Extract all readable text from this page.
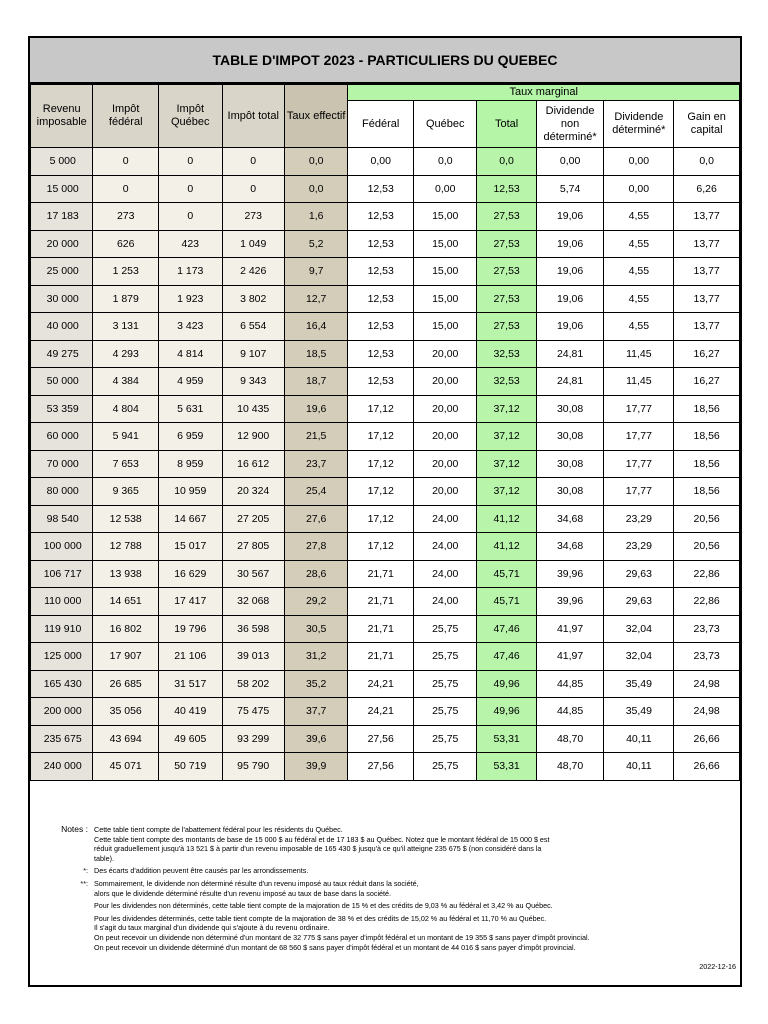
TABLE D'IMPOT 2023 - PARTICULIERS DU QUEBEC
Revenu imposable	Impôt fédéral	Impôt Québec	Impôt total	Taux effectif	Taux marginal					
					Fédéral	Québec	Total	Dividende non déterminé*	Dividende déterminé*	Gain en capital
5 000	0	0	0	0,0	0,00	0,0	0,0	0,00	0,00	0,0
15 000	0	0	0	0,0	12,53	0,00	12,53	5,74	0,00	6,26
17 183	273	0	273	1,6	12,53	15,00	27,53	19,06	4,55	13,77
20 000	626	423	1 049	5,2	12,53	15,00	27,53	19,06	4,55	13,77
25 000	1 253	1 173	2 426	9,7	12,53	15,00	27,53	19,06	4,55	13,77
30 000	1 879	1 923	3 802	12,7	12,53	15,00	27,53	19,06	4,55	13,77
40 000	3 131	3 423	6 554	16,4	12,53	15,00	27,53	19,06	4,55	13,77
49 275	4 293	4 814	9 107	18,5	12,53	20,00	32,53	24,81	11,45	16,27
50 000	4 384	4 959	9 343	18,7	12,53	20,00	32,53	24,81	11,45	16,27
53 359	4 804	5 631	10 435	19,6	17,12	20,00	37,12	30,08	17,77	18,56
60 000	5 941	6 959	12 900	21,5	17,12	20,00	37,12	30,08	17,77	18,56
70 000	7 653	8 959	16 612	23,7	17,12	20,00	37,12	30,08	17,77	18,56
80 000	9 365	10 959	20 324	25,4	17,12	20,00	37,12	30,08	17,77	18,56
98 540	12 538	14 667	27 205	27,6	17,12	24,00	41,12	34,68	23,29	20,56
100 000	12 788	15 017	27 805	27,8	17,12	24,00	41,12	34,68	23,29	20,56
106 717	13 938	16 629	30 567	28,6	21,71	24,00	45,71	39,96	29,63	22,86
110 000	14 651	17 417	32 068	29,2	21,71	24,00	45,71	39,96	29,63	22,86
119 910	16 802	19 796	36 598	30,5	21,71	25,75	47,46	41,97	32,04	23,73
125 000	17 907	21 106	39 013	31,2	21,71	25,75	47,46	41,97	32,04	23,73
165 430	26 685	31 517	58 202	35,2	24,21	25,75	49,96	44,85	35,49	24,98
200 000	35 056	40 419	75 475	37,7	24,21	25,75	49,96	44,85	35,49	24,98
235 675	43 694	49 605	93 299	39,6	27,56	25,75	53,31	48,70	40,11	26,66
240 000	45 071	50 719	95 790	39,9	27,56	25,75	53,31	48,70	40,11	26,66
Notes : Cette table tient compte de l'abattement fédéral pour les résidents du Québec.

Cette table tient compte des montants de base de 15 000 $ au fédéral et de 17 183 $ au Québec. Notez que le montant fédéral de 15 000 $ est

réduit graduellement jusqu'à 13 521 $ à partir d'un revenu imposable de 165 430 $ jusqu'à ce qu'il atteigne 235 675 $ (non considéré dans la

table).

*: Des écarts d'addition peuvent être causés par les arrondissements.

**: Sommairement, le dividende non déterminé résulte d'un revenu imposé au taux réduit dans la société,

alors que le dividende déterminé résulte d'un revenu imposé au taux de base dans la société.

Pour les dividendes non déterminés, cette table tient compte de la majoration de 15 % et des crédits de 9,03 % au fédéral et 3,42 % au Québec.

Pour les dividendes déterminés, cette table tient compte de la majoration de 38 % et des crédits de 15,02 % au fédéral et 11,70 % au Québec.

Il s'agit du taux marginal d'un dividende qui s'ajoute à du revenu ordinaire.

On peut recevoir un dividende non déterminé d'un montant de 32 775 $ sans payer d'impôt fédéral et un montant de 19 355 $ sans payer d'impôt provincial.

On peut recevoir un dividende déterminé d'un montant de 68 560 $ sans payer d'impôt fédéral et un montant de 44 016 $ sans payer d'impôt provincial.

2022-12-16
